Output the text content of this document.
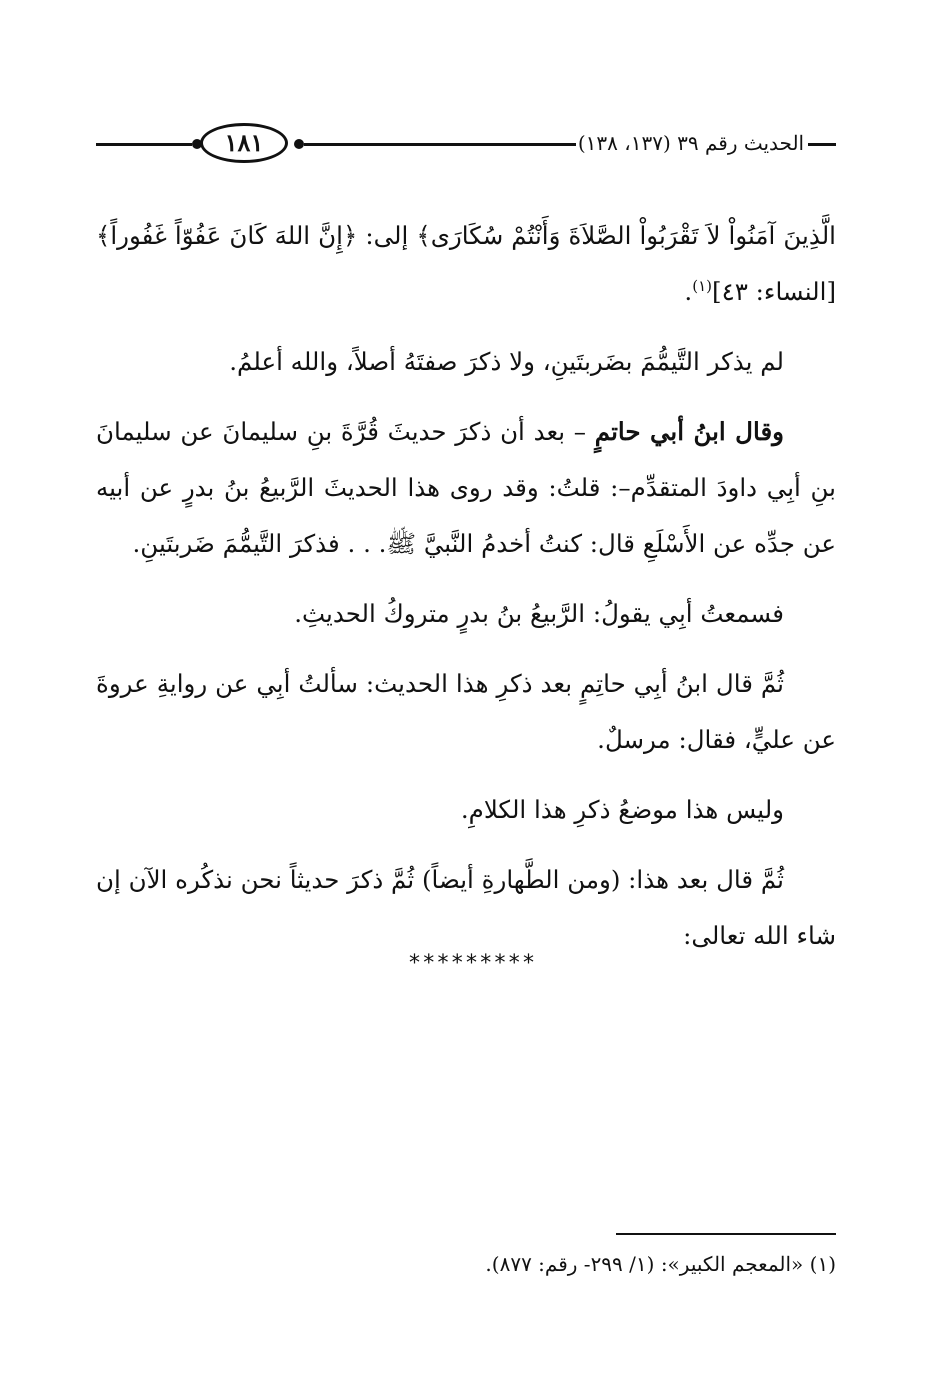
١٨١	الحديث رقم ٣٩ (١٣٧، ١٣٨)

الَّذِينَ آمَنُواْ لاَ تَقْرَبُواْ الصَّلاَةَ وَأَنْتُمْ سُكَارَى﴾ إلى: ﴿إِنَّ اللهَ كَانَ عَفُوّاً غَفُوراً﴾ [النساء: ٤٣]$^{(١)}$.

لم يذكر التَّيمُّمَ بضَربتَينِ، ولا ذكرَ صفتَهُ أصلاً، والله أعلمُ.

وقال ابنُ أبي حاتمٍ – بعد أن ذكرَ حديثَ قُرَّةَ بنِ سليمانَ عن سليمانَ بنِ أبِي داودَ المتقدِّم–: قلتُ: وقد روى هذا الحديثَ الرَّبيعُ بنُ بدرٍ عن أبيه عن جدِّه عن الأَسْلَعِ قال: كنتُ أخدمُ النَّبيَّ ﷺ. . . فذكرَ التَّيمُّمَ ضَربتَينِ.

فسمعتُ أبِي يقولُ: الرَّبيعُ بنُ بدرٍ متروكُ الحديثِ.

ثُمَّ قال ابنُ أبِي حاتِمٍ بعد ذكرِ هذا الحديث: سألتُ أبِي عن روايةِ عروةَ عن عليٍّ، فقال: مرسلٌ.

وليس هذا موضعُ ذكرِ هذا الكلامِ.

ثُمَّ قال بعد هذا: (ومن الطَّهارةِ أيضاً) ثُمَّ ذكرَ حديثاً نحن نذكُره الآن إن شاء الله تعالى:

*********
(١) «المعجم الكبير»: (١/ ٢٩٩- رقم: ٨٧٧).
